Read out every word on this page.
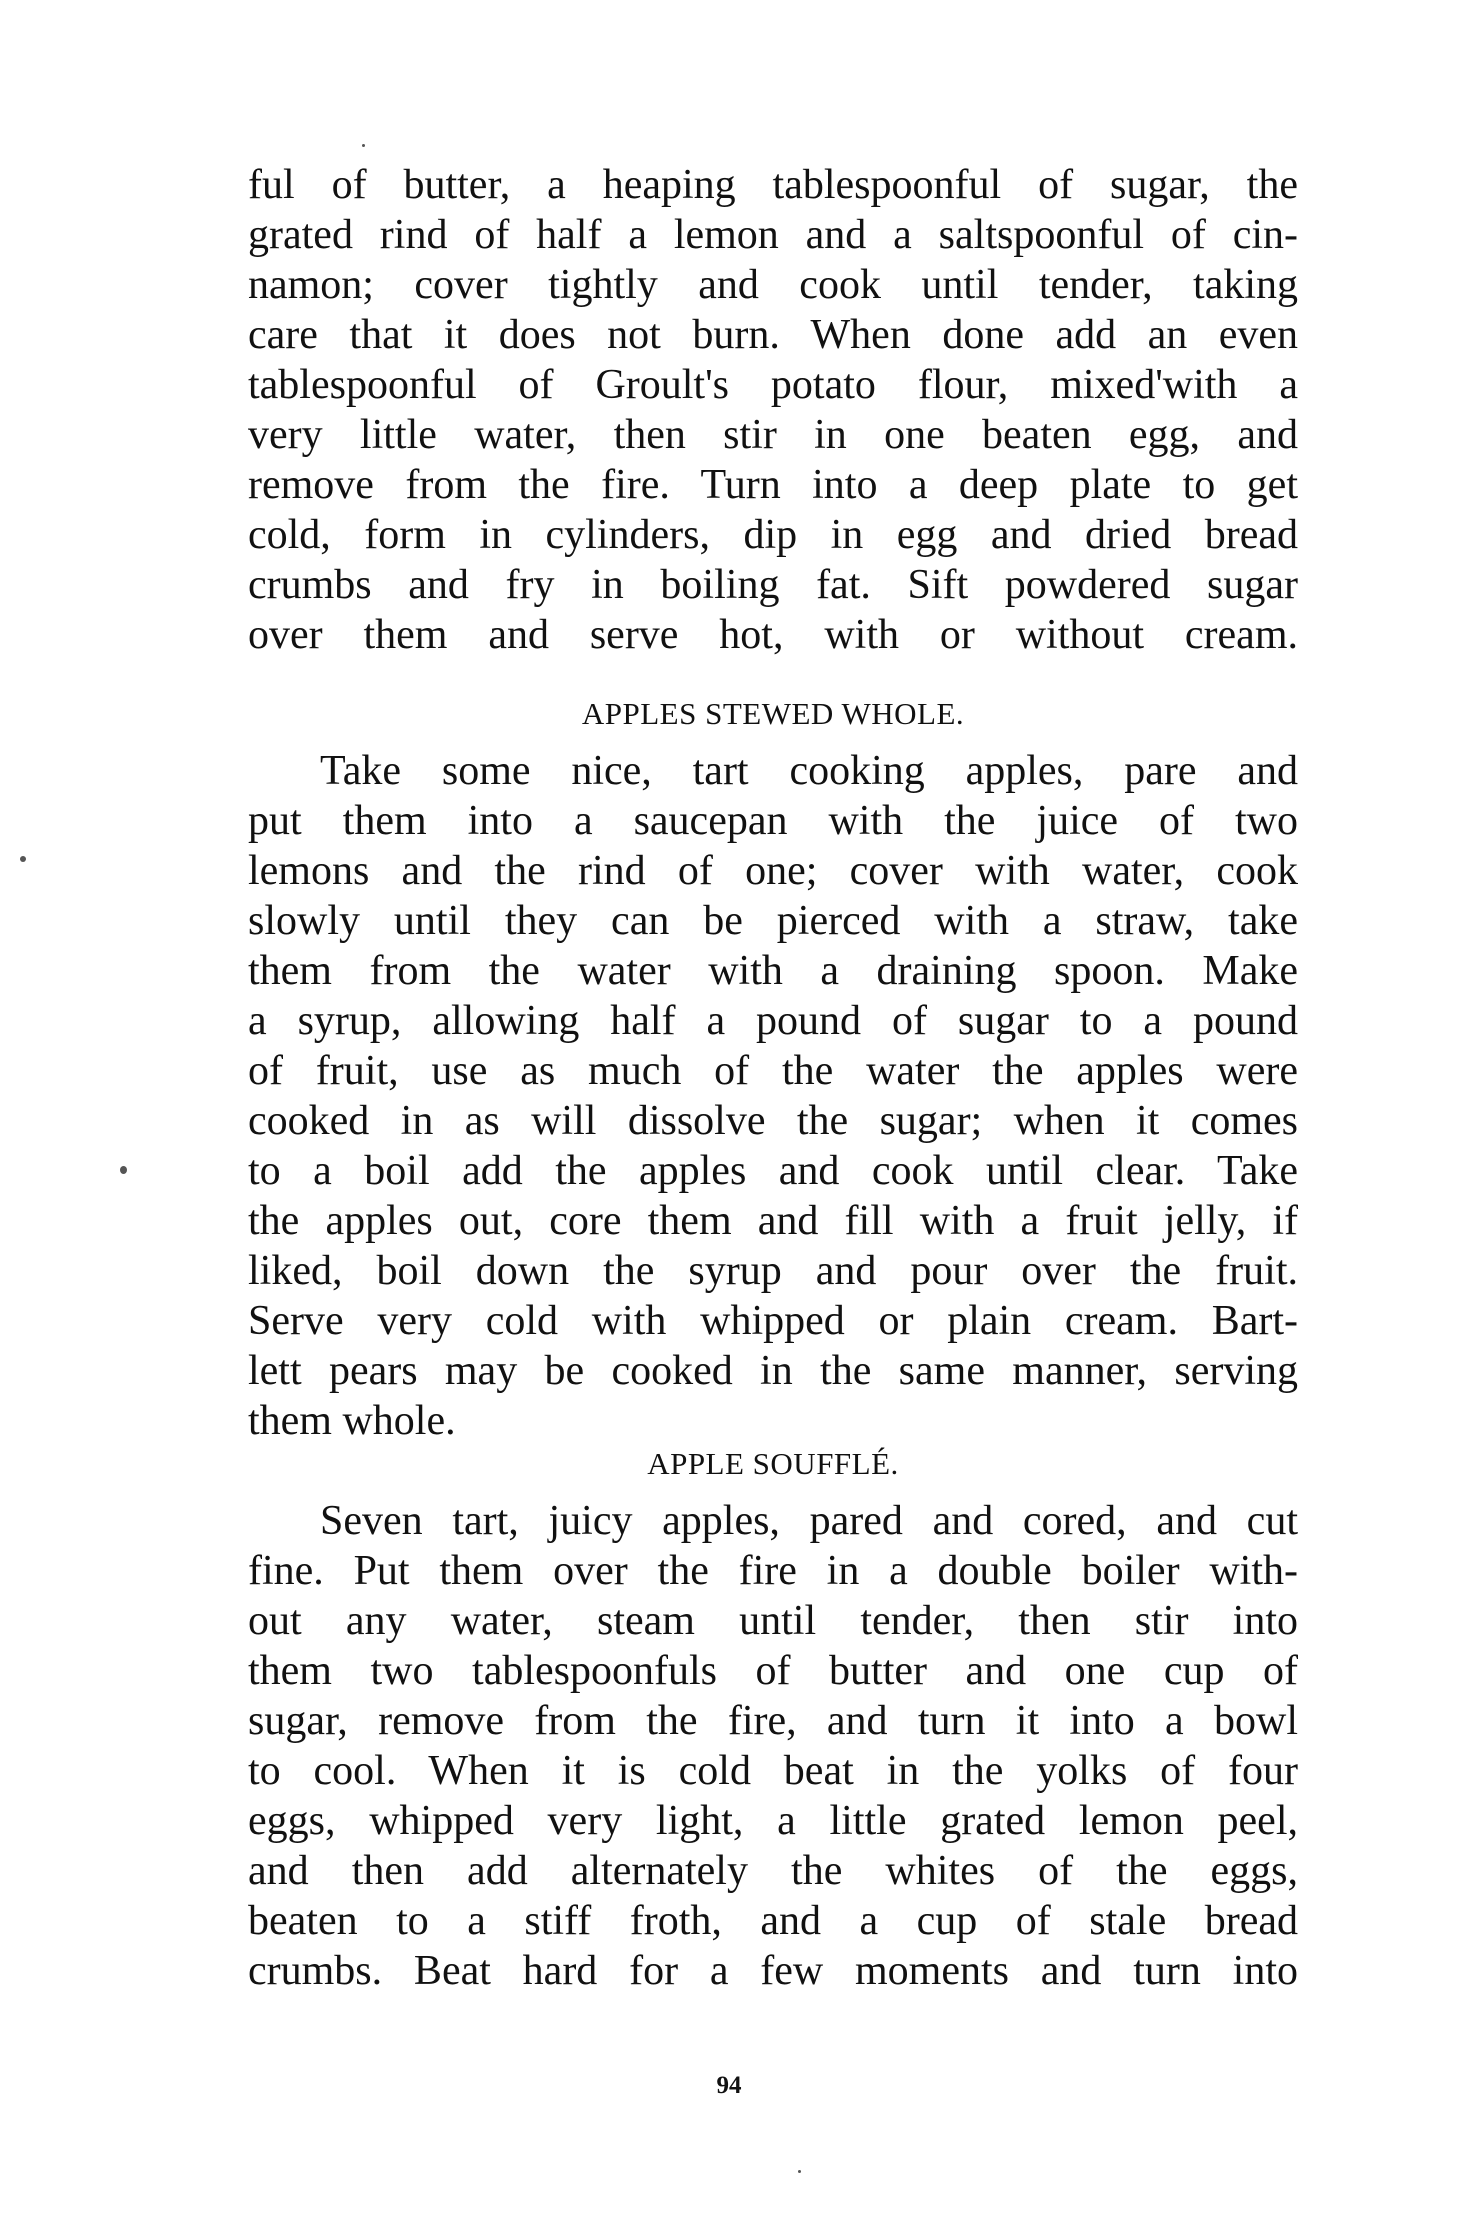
ful of butter, a heaping tablespoonful of sugar, the
grated rind of half a lemon and a saltspoonful of cin-
namon; cover tightly and cook until tender, taking
care that it does not burn. When done add an even
tablespoonful of Groult's potato flour, mixed'with a
very little water, then stir in one beaten egg, and
remove from the fire. Turn into a deep plate to get
cold, form in cylinders, dip in egg and dried bread
crumbs and fry in boiling fat. Sift powdered sugar
over them and serve hot, with or without cream.
APPLES STEWED WHOLE.
Take some nice, tart cooking apples, pare and
put them into a saucepan with the juice of two
lemons and the rind of one; cover with water, cook
slowly until they can be pierced with a straw, take
them from the water with a draining spoon. Make
a syrup, allowing half a pound of sugar to a pound
of fruit, use as much of the water the apples were
cooked in as will dissolve the sugar; when it comes
to a boil add the apples and cook until clear. Take
the apples out, core them and fill with a fruit jelly, if
liked, boil down the syrup and pour over the fruit.
Serve very cold with whipped or plain cream. Bart-
lett pears may be cooked in the same manner, serving
them whole.
APPLE SOUFFLÉ.
Seven tart, juicy apples, pared and cored, and cut
fine. Put them over the fire in a double boiler with-
out any water, steam until tender, then stir into
them two tablespoonfuls of butter and one cup of
sugar, remove from the fire, and turn it into a bowl
to cool. When it is cold beat in the yolks of four
eggs, whipped very light, a little grated lemon peel,
and then add alternately the whites of the eggs,
beaten to a stiff froth, and a cup of stale bread
crumbs. Beat hard for a few moments and turn into
94
